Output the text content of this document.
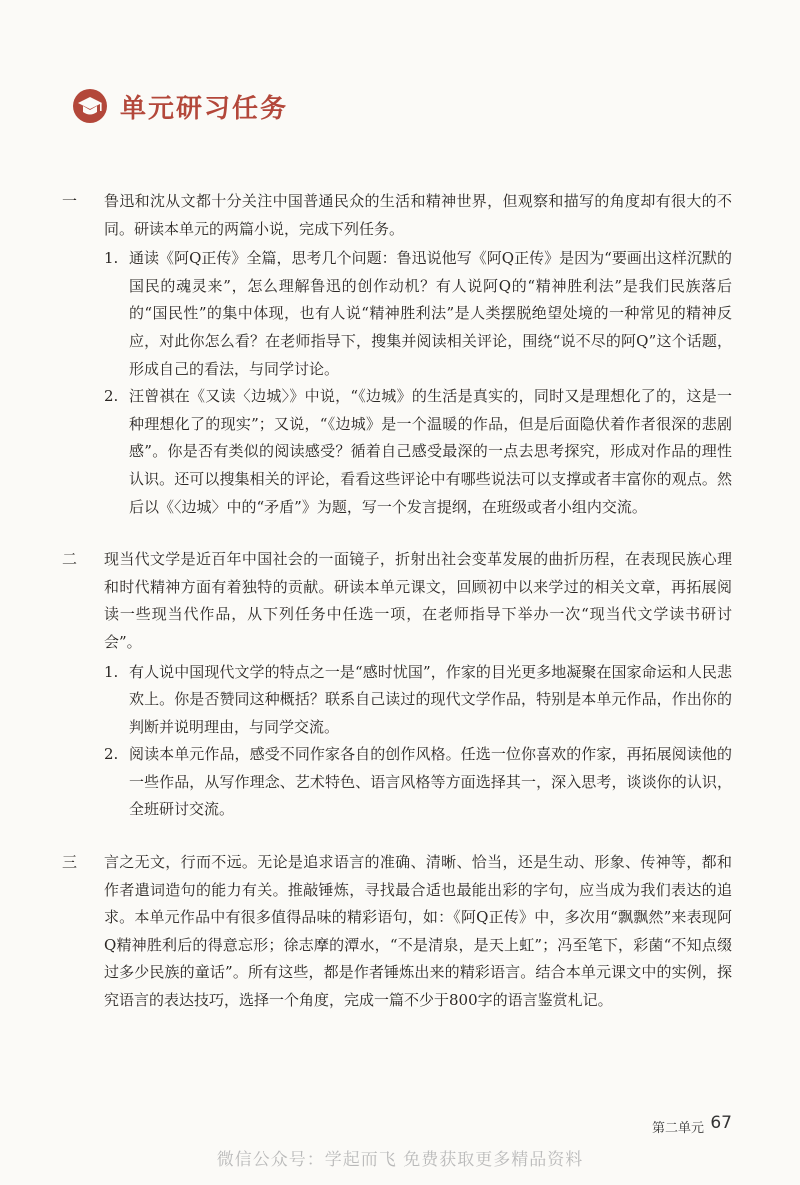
单元研习任务
一	鲁迅和沈从文都十分关注中国普通民众的生活和精神世界，但观察和描写的角度却有很大的不同。研读本单元的两篇小说，完成下列任务。

1. 通读《阿Q正传》全篇，思考几个问题：鲁迅说他写《阿Q正传》是因为“要画出这样沉默的国民的魂灵来”，怎么理解鲁迅的创作动机？有人说阿Q的“精神胜利法”是我们民族落后的“国民性”的集中体现，也有人说“精神胜利法”是人类摆脱绝望处境的一种常见的精神反应，对此你怎么看？在老师指导下，搜集并阅读相关评论，围绕“说不尽的阿Q”这个话题，形成自己的看法，与同学讨论。
2. 汪曾祺在《又读〈边城〉》中说，“《边城》的生活是真实的，同时又是理想化了的，这是一种理想化了的现实”；又说，“《边城》是一个温暖的作品，但是后面隐伏着作者很深的悲剧感”。你是否有类似的阅读感受？循着自己感受最深的一点去思考探究，形成对作品的理性认识。还可以搜集相关的评论，看看这些评论中有哪些说法可以支撑或者丰富你的观点。然后以《〈边城〉中的“矛盾”》为题，写一个发言提纲，在班级或者小组内交流。
二	现当代文学是近百年中国社会的一面镜子，折射出社会变革发展的曲折历程，在表现民族心理和时代精神方面有着独特的贡献。研读本单元课文，回顾初中以来学过的相关文章，再拓展阅读一些现当代作品，从下列任务中任选一项，在老师指导下举办一次“现当代文学读书研讨会”。

1. 有人说中国现代文学的特点之一是“感时忧国”，作家的目光更多地凝聚在国家命运和人民悲欢上。你是否赞同这种概括？联系自己读过的现代文学作品，特别是本单元作品，作出你的判断并说明理由，与同学交流。
2. 阅读本单元作品，感受不同作家各自的创作风格。任选一位你喜欢的作家，再拓展阅读他的一些作品，从写作理念、艺术特色、语言风格等方面选择其一，深入思考，谈谈你的认识，全班研讨交流。
三	言之无文，行而不远。无论是追求语言的准确、清晰、恰当，还是生动、形象、传神等，都和作者遣词造句的能力有关。推敲锤炼，寻找最合适也最能出彩的字句，应当成为我们表达的追求。本单元作品中有很多值得品味的精彩语句，如：《阿Q正传》中，多次用“飘飘然”来表现阿Q精神胜利后的得意忘形；徐志摩的潭水，“不是清泉，是天上虹”；冯至笔下，彩菌“不知点缀过多少民族的童话”。所有这些，都是作者锤炼出来的精彩语言。结合本单元课文中的实例，探究语言的表达技巧，选择一个角度，完成一篇不少于800字的语言鉴赏札记。

第二单元 67
微信公众号：学起而飞 免费获取更多精品资料
